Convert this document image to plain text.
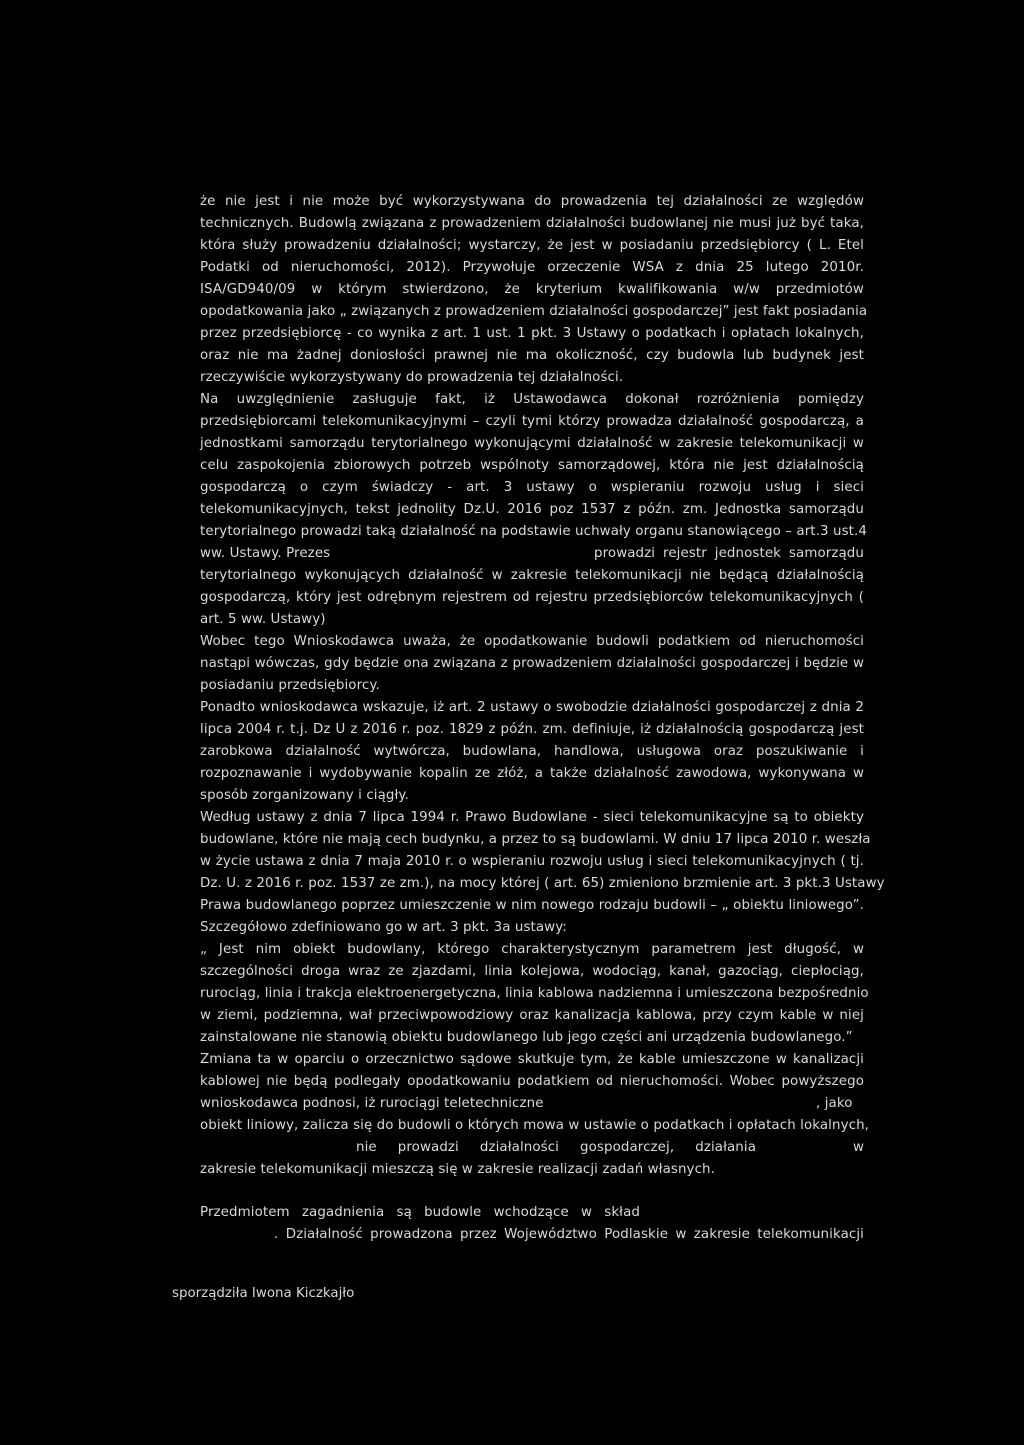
że nie jest i nie może być wykorzystywana do prowadzenia tej działalności ze względów
technicznych. Budowlą związana z prowadzeniem działalności budowlanej nie musi już być taka,
która służy prowadzeniu działalności; wystarczy, że jest w posiadaniu przedsiębiorcy ( L. Etel
Podatki od nieruchomości, 2012). Przywołuje orzeczenie WSA z dnia 25 lutego 2010r.
ISA/GD940/09 w którym stwierdzono, że kryterium kwalifikowania w/w przedmiotów
opodatkowania jako „ związanych z prowadzeniem działalności gospodarczej” jest fakt posiadania
przez przedsiębiorcę - co wynika z art. 1 ust. 1 pkt. 3 Ustawy o podatkach i opłatach lokalnych,
oraz nie ma żadnej doniosłości prawnej nie ma okoliczność, czy budowla lub budynek jest
rzeczywiście wykorzystywany do prowadzenia tej działalności.
Na uwzględnienie zasługuje fakt, iż Ustawodawca dokonał rozróżnienia pomiędzy
przedsiębiorcami telekomunikacyjnymi – czyli tymi którzy prowadza działalność gospodarczą, a
jednostkami samorządu terytorialnego wykonującymi działalność w zakresie telekomunikacji w
celu zaspokojenia zbiorowych potrzeb wspólnoty samorządowej, która nie jest działalnością
gospodarczą o czym świadczy - art. 3 ustawy o wspieraniu rozwoju usług i sieci
telekomunikacyjnych, tekst jednolity Dz.U. 2016 poz 1537 z późn. zm. Jednostka samorządu
terytorialnego prowadzi taką działalność na podstawie uchwały organu stanowiącego – art.3 ust.4
ww. Ustawy. Prezes	prowadzi rejestr jednostek samorządu
terytorialnego wykonujących działalność w zakresie telekomunikacji nie będącą działalnością
gospodarczą, który jest odrębnym rejestrem od rejestru przedsiębiorców telekomunikacyjnych (
art. 5 ww. Ustawy)
Wobec tego Wnioskodawca uważa, że opodatkowanie budowli podatkiem od nieruchomości
nastąpi wówczas, gdy będzie ona związana z prowadzeniem działalności gospodarczej i będzie w
posiadaniu przedsiębiorcy.
Ponadto wnioskodawca wskazuje, iż art. 2 ustawy o swobodzie działalności gospodarczej z dnia 2
lipca 2004 r. t.j. Dz U z 2016 r. poz. 1829 z późn. zm. definiuje, iż działalnością gospodarczą jest
zarobkowa działalność wytwórcza, budowlana, handlowa, usługowa oraz poszukiwanie i
rozpoznawanie i wydobywanie kopalin ze złóż, a także działalność zawodowa, wykonywana w
sposób zorganizowany i ciągły.
Według ustawy z dnia 7 lipca 1994 r. Prawo Budowlane - sieci telekomunikacyjne są to obiekty
budowlane, które nie mają cech budynku, a przez to są budowlami. W dniu 17 lipca 2010 r. weszła
w życie ustawa z dnia 7 maja 2010 r. o wspieraniu rozwoju usług i sieci telekomunikacyjnych ( tj.
Dz. U. z 2016 r. poz. 1537 ze zm.), na mocy której ( art. 65) zmieniono brzmienie art. 3 pkt.3 Ustawy
Prawa budowlanego poprzez umieszczenie w nim nowego rodzaju budowli – „ obiektu liniowego”.
Szczegółowo zdefiniowano go w art. 3 pkt. 3a ustawy:
„ Jest nim obiekt budowlany, którego charakterystycznym parametrem jest długość, w
szczególności droga wraz ze zjazdami, linia kolejowa, wodociąg, kanał, gazociąg, ciepłociąg,
rurociąg, linia i trakcja elektroenergetyczna, linia kablowa nadziemna i umieszczona bezpośrednio
w ziemi, podziemna, wał przeciwpowodziowy oraz kanalizacja kablowa, przy czym kable w niej
zainstalowane nie stanowią obiektu budowlanego lub jego części ani urządzenia budowlanego.”
Zmiana ta w oparciu o orzecznictwo sądowe skutkuje tym, że kable umieszczone w kanalizacji
kablowej nie będą podlegały opodatkowaniu podatkiem od nieruchomości. Wobec powyższego
wnioskodawca podnosi, iż rurociągi teletechniczne	, jako
obiekt liniowy, zalicza się do budowli o których mowa w ustawie o podatkach i opłatach lokalnych,
nie prowadzi działalności gospodarczej, działania	w
zakresie telekomunikacji mieszczą się w zakresie realizacji zadań własnych.
Przedmiotem zagadnienia są budowle wchodzące w skład
. Działalność prowadzona przez Województwo Podlaskie w zakresie telekomunikacji
sporządziła Iwona Kiczkajło
